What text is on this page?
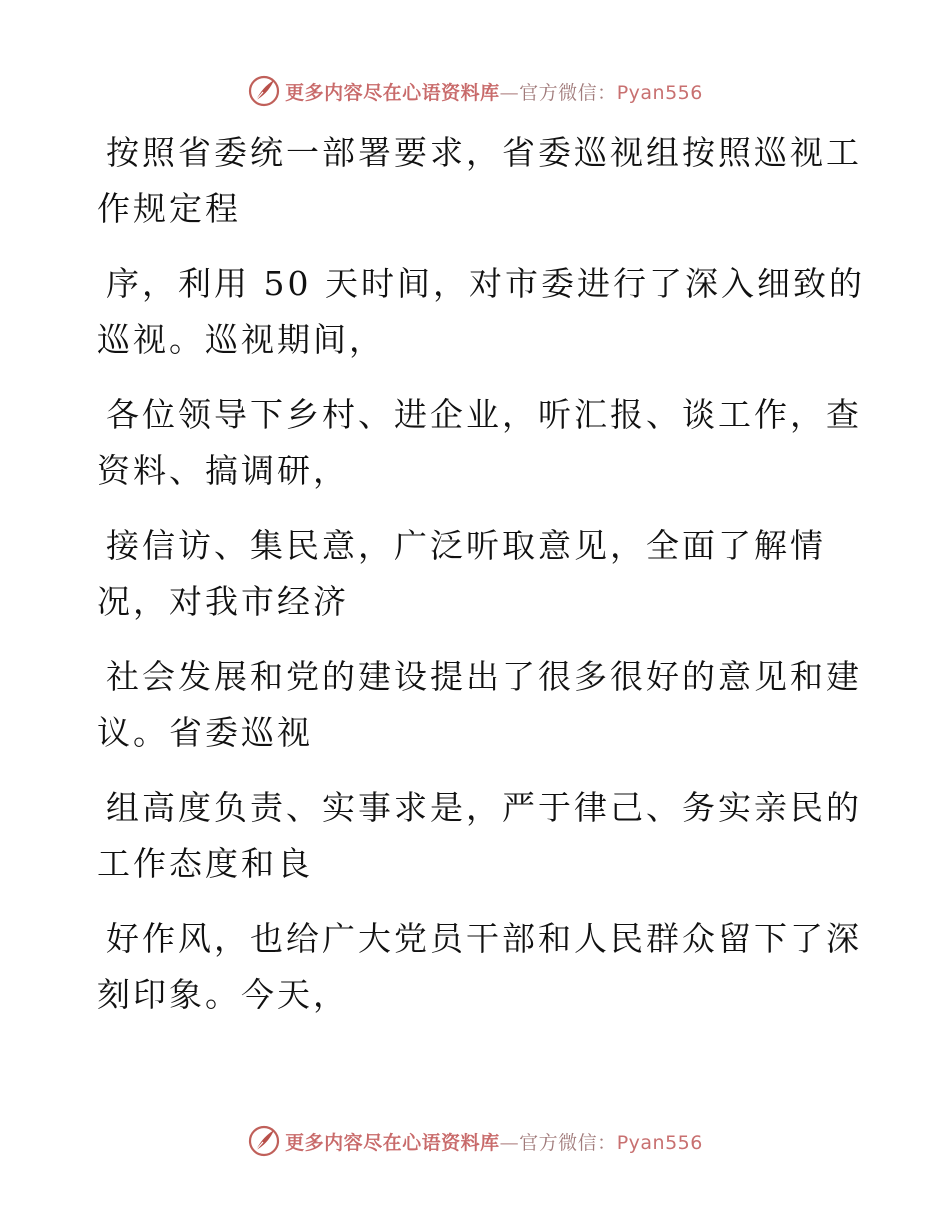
更多内容尽在心语资料库—官方微信：Pyan556
按照省委统一部署要求，省委巡视组按照巡视工
作规定程
序，利用 50 天时间，对市委进行了深入细致的
巡视。巡视期间，
各位领导下乡村、进企业，听汇报、谈工作，查
资料、搞调研，
接信访、集民意，广泛听取意见，全面了解情
况，对我市经济
社会发展和党的建设提出了很多很好的意见和建
议。省委巡视
组高度负责、实事求是，严于律己、务实亲民的
工作态度和良
好作风，也给广大党员干部和人民群众留下了深
刻印象。今天，
更多内容尽在心语资料库—官方微信：Pyan556
